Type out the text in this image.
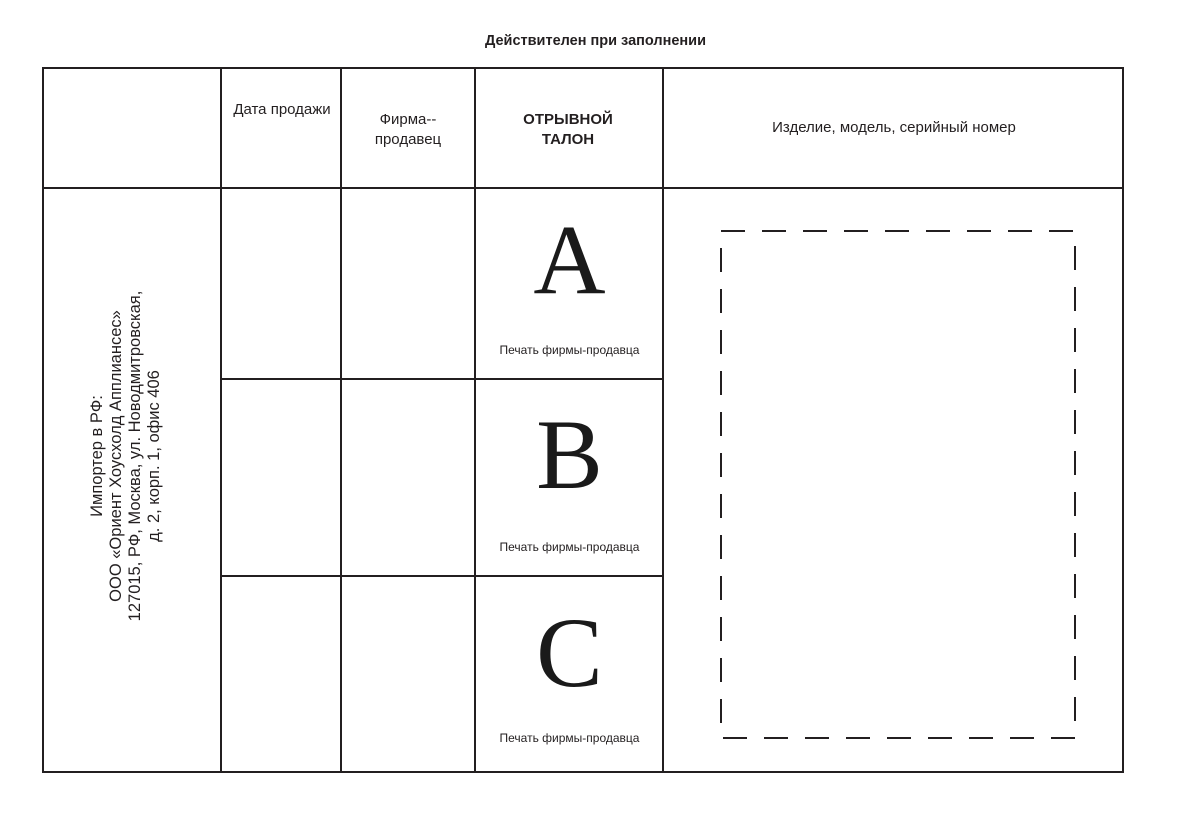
Действителен при заполнении
Дата продажи
Фирма-- продавец
ОТРЫВНОЙ ТАЛОН
Изделие, модель, серийный номер
A
Печать фирмы-продавца
B
Печать фирмы-продавца
C
Печать фирмы-продавца
Импортер в РФ: ООО «Ориент Хоусхолд Апплиансес» 127015, РФ, Москва, ул. Новодмитровская, д. 2, корп. 1, офис 406
